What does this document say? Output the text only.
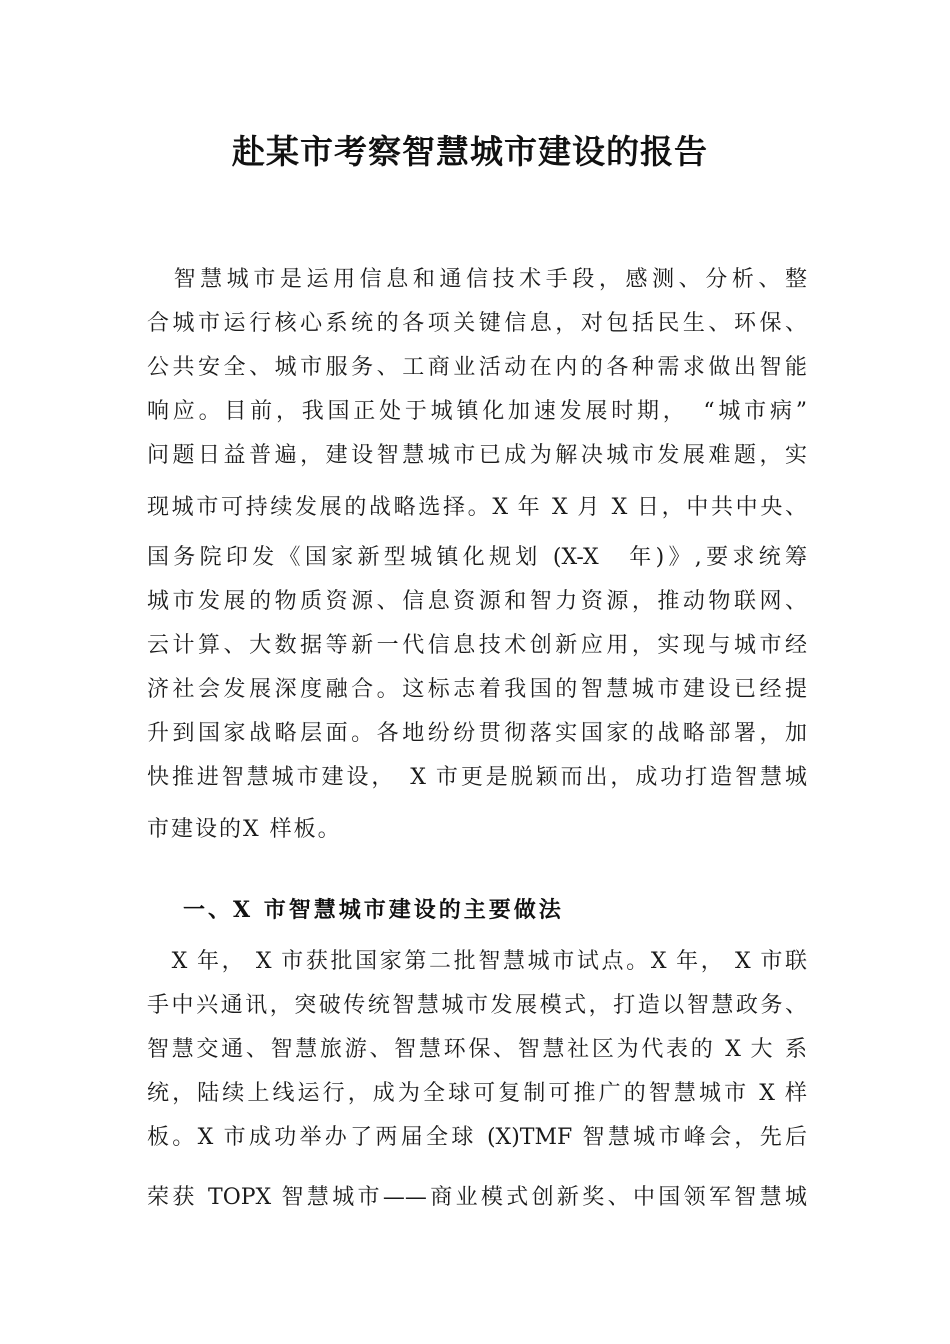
赴某市考察智慧城市建设的报告
　智慧城市是运用信息和通信技术手段，感测、分析、整
合城市运行核心系统的各项关键信息，对包括民生、环保、
公共安全、城市服务、工商业活动在内的各种需求做出智能
响应。目前，我国正处于城镇化加速发展时期，　“城市病”
问题日益普遍，建设智慧城市已成为解决城市发展难题，实
现城市可持续发展的战略选择。X 年 X 月 X 日，中共中央、
国务院印发《国家新型城镇化规划 (X-X　年)》,要求统筹
城市发展的物质资源、信息资源和智力资源，推动物联网、
云计算、大数据等新一代信息技术创新应用，实现与城市经
济社会发展深度融合。这标志着我国的智慧城市建设已经提
升到国家战略层面。各地纷纷贯彻落实国家的战略部署，加
快推进智慧城市建设，　X 市更是脱颖而出，成功打造智慧城
市建设的X 样板。
一、X 市智慧城市建设的主要做法
　X 年， X 市获批国家第二批智慧城市试点。X 年， X 市联
手中兴通讯，突破传统智慧城市发展模式，打造以智慧政务、
智慧交通、智慧旅游、智慧环保、智慧社区为代表的 X 大 系
统，陆续上线运行，成为全球可复制可推广的智慧城市 X 样
板。X 市成功举办了两届全球 (X)TMF 智慧城市峰会，先后
荣获 TOPX 智慧城市——商业模式创新奖、中国领军智慧城
